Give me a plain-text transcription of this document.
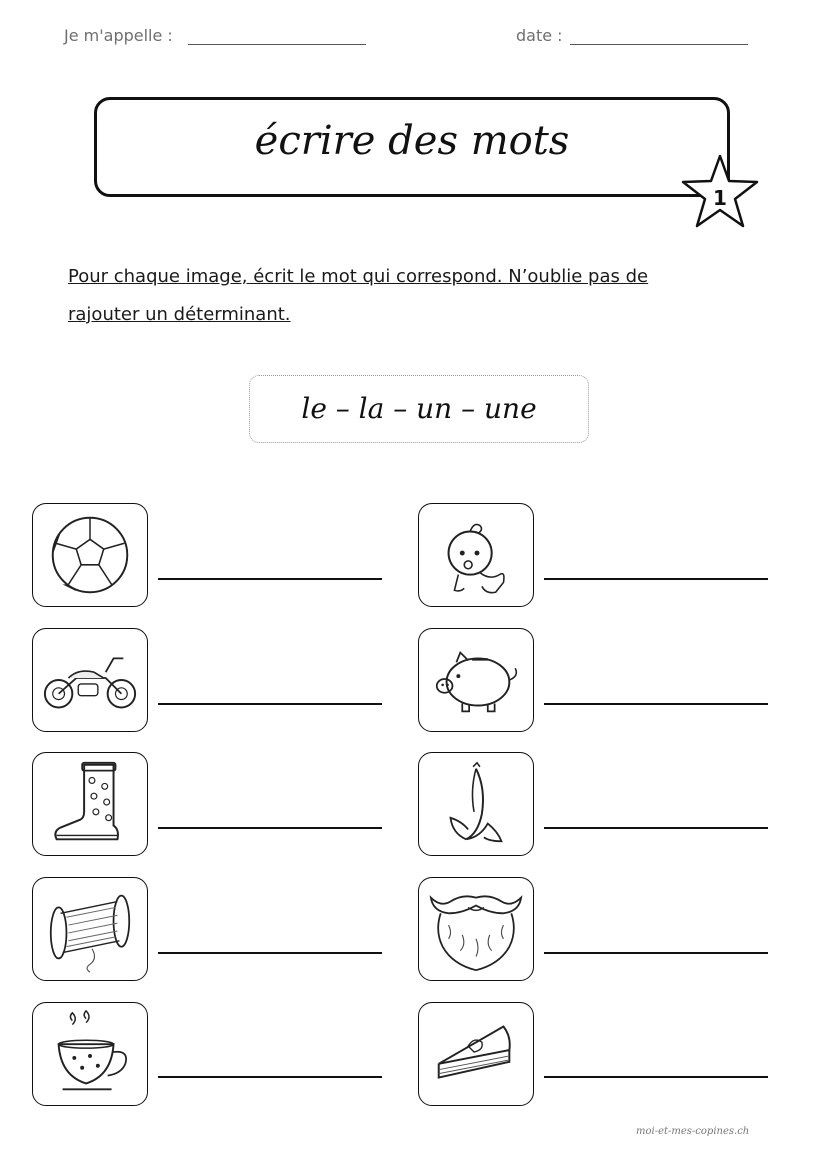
Je m'appelle :	date :
écrire des mots
1
Pour chaque image, écrit le mot qui correspond. N’oublie pas de
rajouter un déterminant.
le – la – un – une
moi-et-mes-copines.ch
